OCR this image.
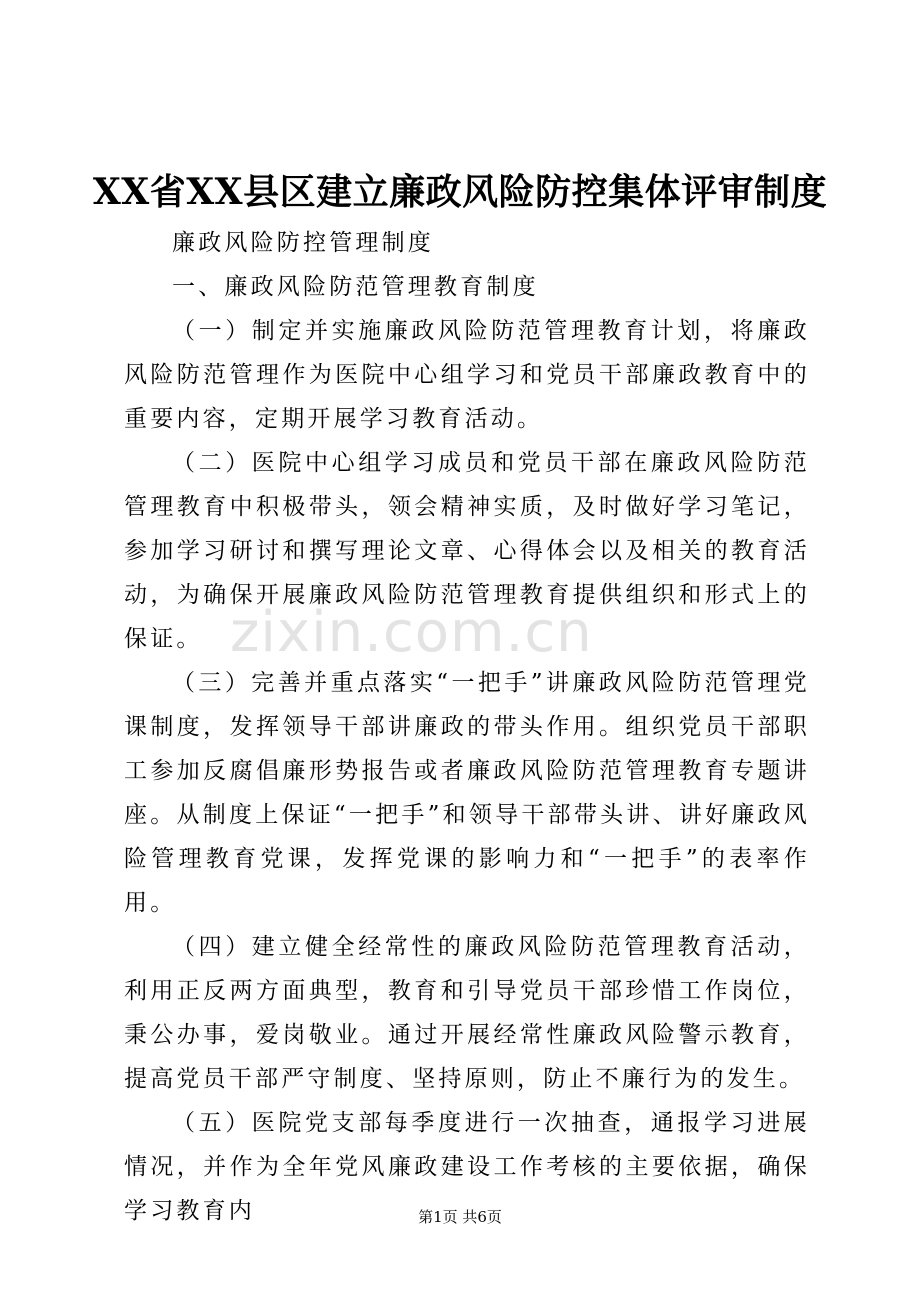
zixin.com.cn
XX省XX县区建立廉政风险防控集体评审制度

廉政风险防控管理制度

一、廉政风险防范管理教育制度

（一）制定并实施廉政风险防范管理教育计划，将廉政风险防范管理作为医院中心组学习和党员干部廉政教育中的重要内容，定期开展学习教育活动。

（二）医院中心组学习成员和党员干部在廉政风险防范管理教育中积极带头，领会精神实质，及时做好学习笔记，参加学习研讨和撰写理论文章、心得体会以及相关的教育活动，为确保开展廉政风险防范管理教育提供组织和形式上的保证。

（三）完善并重点落实“一把手”讲廉政风险防范管理党课制度，发挥领导干部讲廉政的带头作用。组织党员干部职工参加反腐倡廉形势报告或者廉政风险防范管理教育专题讲座。从制度上保证“一把手”和领导干部带头讲、讲好廉政风险管理教育党课，发挥党课的影响力和“一把手”的表率作用。

（四）建立健全经常性的廉政风险防范管理教育活动，利用正反两方面典型，教育和引导党员干部珍惜工作岗位，秉公办事，爱岗敬业。通过开展经常性廉政风险警示教育，提高党员干部严守制度、坚持原则，防止不廉行为的发生。

（五）医院党支部每季度进行一次抽查，通报学习进展情况，并作为全年党风廉政建设工作考核的主要依据，确保学习教育内	第1页 共6页
